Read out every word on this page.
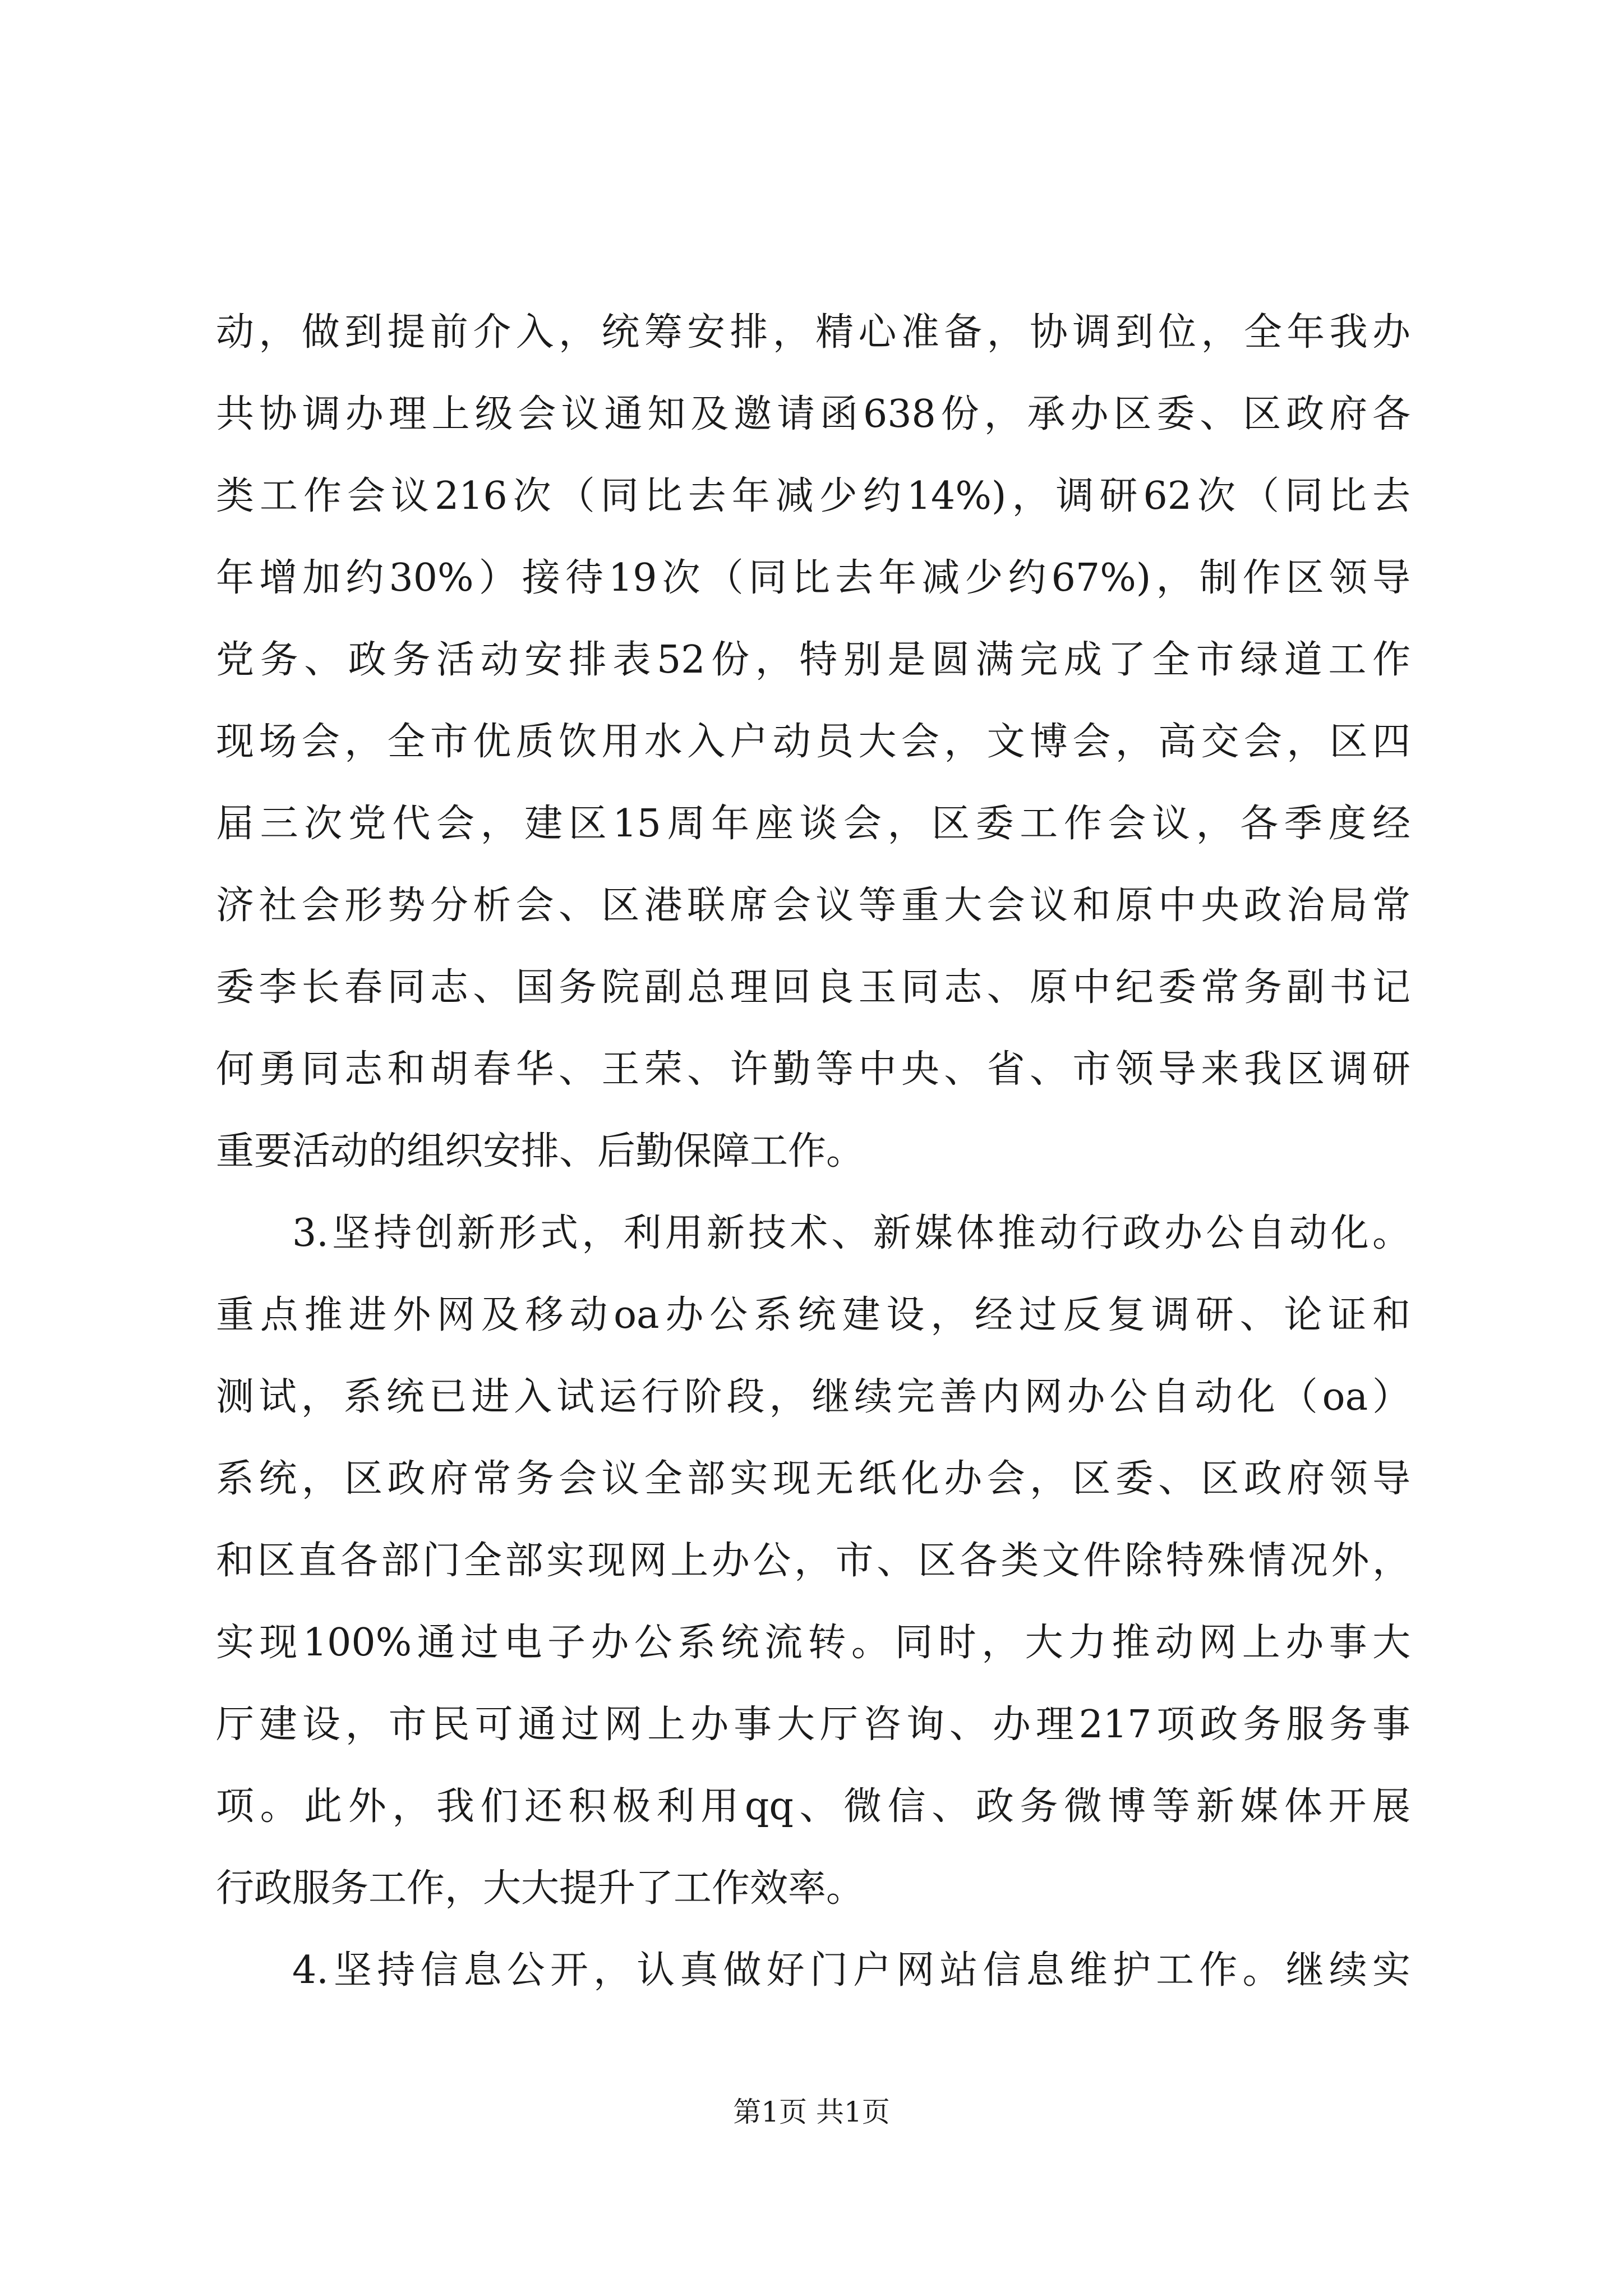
动，做到提前介入，统筹安排，精心准备，协调到位，全年我办
共协调办理上级会议通知及邀请函638份，承办区委、区政府各
类工作会议216次（同比去年减少约14%)，调研62次（同比去
年增加约30%）接待19次（同比去年减少约67%)，制作区领导
党务、政务活动安排表52份，特别是圆满完成了全市绿道工作
现场会，全市优质饮用水入户动员大会，文博会，高交会，区四
届三次党代会，建区15周年座谈会，区委工作会议，各季度经
济社会形势分析会、区港联席会议等重大会议和原中央政治局常
委李长春同志、国务院副总理回良玉同志、原中纪委常务副书记
何勇同志和胡春华、王荣、许勤等中央、省、市领导来我区调研
重要活动的组织安排、后勤保障工作。
3.坚持创新形式，利用新技术、新媒体推动行政办公自动化。
重点推进外网及移动oa办公系统建设，经过反复调研、论证和
测试，系统已进入试运行阶段，继续完善内网办公自动化（oa）
系统，区政府常务会议全部实现无纸化办会，区委、区政府领导
和区直各部门全部实现网上办公，市、区各类文件除特殊情况外，
实现100%通过电子办公系统流转。同时，大力推动网上办事大
厅建设，市民可通过网上办事大厅咨询、办理217项政务服务事
项。此外，我们还积极利用qq、微信、政务微博等新媒体开展
行政服务工作，大大提升了工作效率。
4.坚持信息公开，认真做好门户网站信息维护工作。继续实
第1页 共1页
